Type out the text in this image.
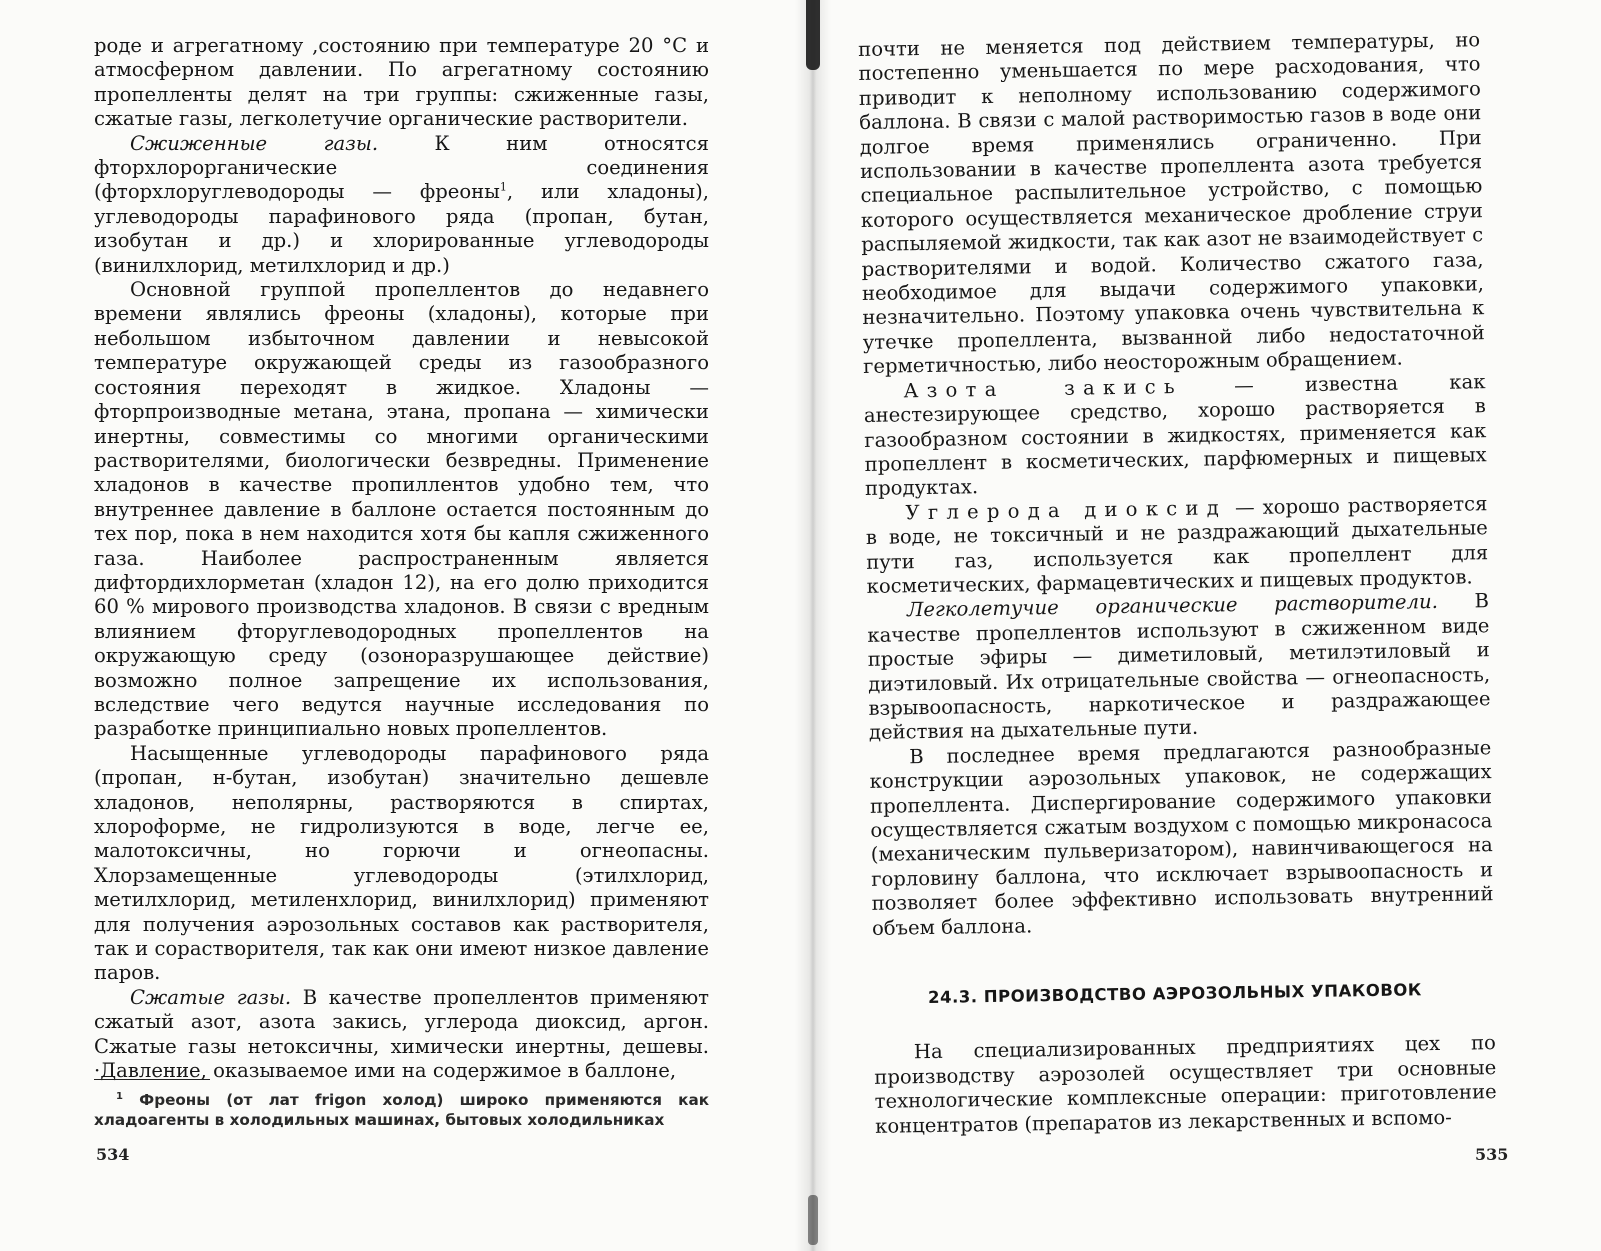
роде и агрегатному ,состоянию при температуре 20 °C и атмосферном давлении. По агрегатному состоянию пропелленты делят на три группы: сжиженные газы, сжатые газы, легколетучие органические растворители.

Сжиженные газы. К ним относятся фторхлорорганические соединения (фторхлоруглеводороды — фреоны$^1$, или хладоны), углеводороды парафинового ряда (пропан, бутан, изобутан и др.) и хлорированные углеводороды (винилхлорид, метилхлорид и др.)

Основной группой пропеллентов до недавнего времени являлись фреоны (хладоны), которые при небольшом избыточном давлении и невысокой температуре окружающей среды из газообразного состояния переходят в жидкое. Хладоны — фторпроизводные метана, этана, пропана — химически инертны, совместимы со многими органическими растворителями, биологически безвредны. Применение хладонов в качестве пропиллентов удобно тем, что внутреннее давление в баллоне остается постоянным до тех пор, пока в нем находится хотя бы капля сжиженного газа. Наиболее распространенным является дифтордихлорметан (хладон 12), на его долю приходится 60 % мирового производства хладонов. В связи с вредным влиянием фторуглеводородных пропеллентов на окружающую среду (озоноразрушающее действие) возможно полное запрещение их использования, вследствие чего ведутся научные исследования по разработке принципиально новых пропеллентов.

Насыщенные углеводороды парафинового ряда (пропан, н-бутан, изобутан) значительно дешевле хладонов, неполярны, растворяются в спиртах, хлороформе, не гидролизуются в воде, легче ее, малотоксичны, но горючи и огнеопасны. Хлорзамещенные углеводороды (этилхлорид, метилхлорид, метиленхлорид, винилхлорид) применяют для получения аэрозольных составов как растворителя, так и сорастворителя, так как они имеют низкое давление паров.

Сжатые газы. В качестве пропеллентов применяют сжатый азот, азота закись, углерода диоксид, аргон. Сжатые газы нетоксичны, химически инертны, дешевы. ·Давление, оказываемое ими на содержимое в баллоне,

$^1$ Фреоны (от лат frigon холод) широко применяются как хладоагенты в холодильных машинах, бытовых холодильниках
534

почти не меняется под действием температуры, но постепенно уменьшается по мере расходования, что приводит к неполному использованию содержимого баллона. В связи с малой растворимостью газов в воде они долгое время применялись ограниченно. При использовании в качестве пропеллента азота требуется специальное распылительное устройство, с помощью которого осуществляется механическое дробление струи распыляемой жидкости, так как азот не взаимодействует с растворителями и водой. Количество сжатого газа, необходимое для выдачи содержимого упаковки, незначительно. Поэтому упаковка очень чувствительна к утечке пропеллента, вызванной либо недостаточной герметичностью, либо неосторожным обращением.

Азота закись — известна как анестезирующее средство, хорошо растворяется в газообразном состоянии в жидкостях, применяется как пропеллент в косметических, парфюмерных и пищевых продуктах.

Углерода диоксид — хорошо растворяется в воде, не токсичный и не раздражающий дыхательные пути газ, используется как пропеллент для косметических, фармацевтических и пищевых продуктов.

Легколетучие органические растворители. В качестве пропеллентов используют в сжиженном виде простые эфиры — диметиловый, метилэтиловый и диэтиловый. Их отрицательные свойства — огнеопасность, взрывоопасность, наркотическое и раздражающее действия на дыхательные пути.

В последнее время предлагаются разнообразные конструкции аэрозольных упаковок, не содержащих пропеллента. Диспергирование содержимого упаковки осуществляется сжатым воздухом с помощью микронасоса (механическим пульверизатором), навинчивающегося на горловину баллона, что исключает взрывоопасность и позволяет более эффективно использовать внутренний объем баллона.

24.3. ПРОИЗВОДСТВО АЭРОЗОЛЬНЫХ УПАКОВОК

На специализированных предприятиях цех по производству аэрозолей осуществляет три основные технологические комплексные операции: приготовление концентратов (препаратов из лекарственных и вспомо-

535
